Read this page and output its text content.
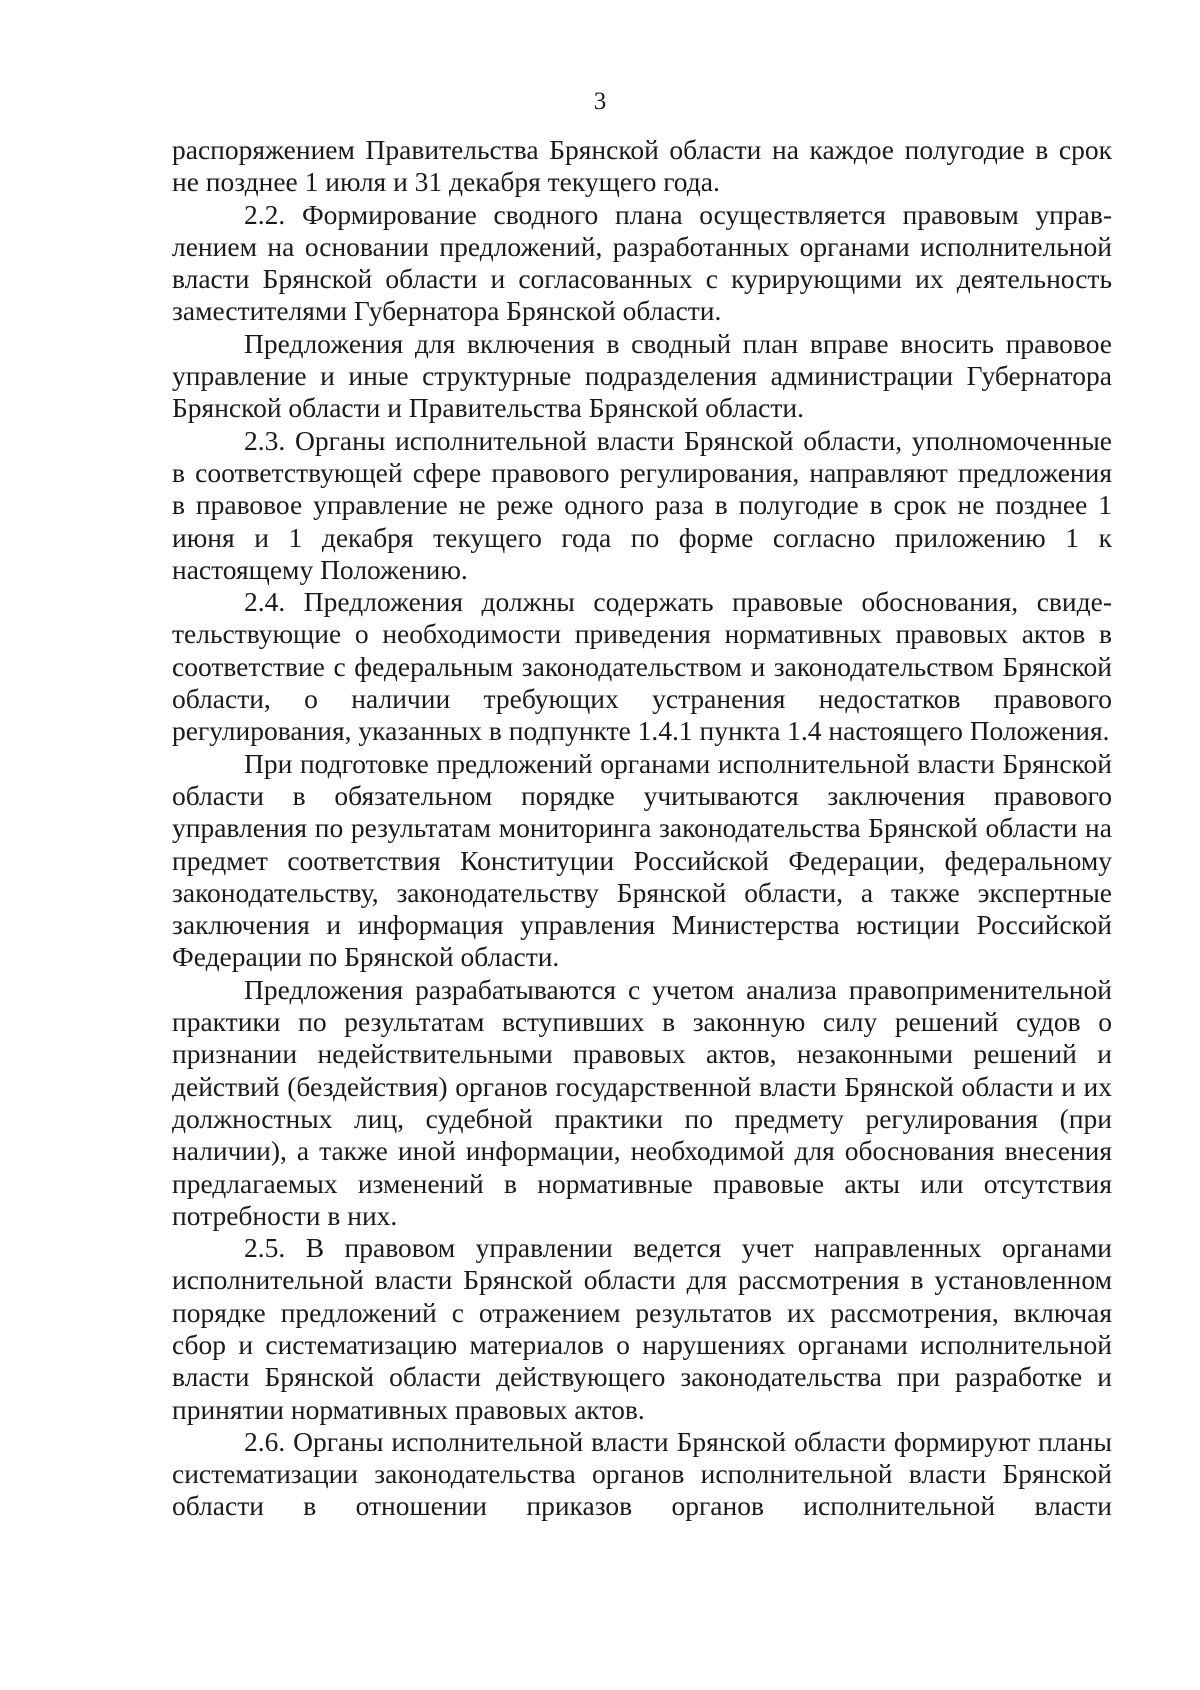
3

распоряжением Правительства Брянской области на каждое полугодие в срок не позднее 1 июля и 31 декабря текущего года.

2.2. Формирование сводного плана осуществляется правовым управлением на основании предложений, разработанных органами исполнительной власти Брянской области и согласованных с курирующими их деятельность заместителями Губернатора Брянской области.

Предложения для включения в сводный план вправе вносить правовое управление и иные структурные подразделения администрации Губернатора Брянской области и Правительства Брянской области.

2.3. Органы исполнительной власти Брянской области, уполномоченные в соответствующей сфере правового регулирования, направляют предложения в правовое управление не реже одного раза в полугодие в срок не позднее 1 июня и 1 декабря текущего года по форме согласно приложению 1 к настоящему Положению.

2.4. Предложения должны содержать правовые обоснования, свидетельствующие о необходимости приведения нормативных правовых актов в соответствие с федеральным законодательством и законодательством Брянской области, о наличии требующих устранения недостатков правового регулирования, указанных в подпункте 1.4.1 пункта 1.4 настоящего Положения.

При подготовке предложений органами исполнительной власти Брянской области в обязательном порядке учитываются заключения правового управления по результатам мониторинга законодательства Брянской области на предмет соответствия Конституции Российской Федерации, федеральному законодательству, законодательству Брянской области, а также экспертные заключения и информация управления Министерства юстиции Российской Федерации по Брянской области.

Предложения разрабатываются с учетом анализа правоприменительной практики по результатам вступивших в законную силу решений судов о признании недействительными правовых актов, незаконными решений и действий (бездействия) органов государственной власти Брянской области и их должностных лиц, судебной практики по предмету регулирования (при наличии), а также иной информации, необходимой для обоснования внесения предлагаемых изменений в нормативные правовые акты или отсутствия потребности в них.

2.5. В правовом управлении ведется учет направленных органами исполнительной власти Брянской области для рассмотрения в установленном порядке предложений с отражением результатов их рассмотрения, включая сбор и систематизацию материалов о нарушениях органами исполнительной власти Брянской области действующего законодательства при разработке и принятии нормативных правовых актов.

2.6. Органы исполнительной власти Брянской области формируют планы систематизации законодательства органов исполнительной власти Брянской области в отношении приказов органов исполнительной власти
